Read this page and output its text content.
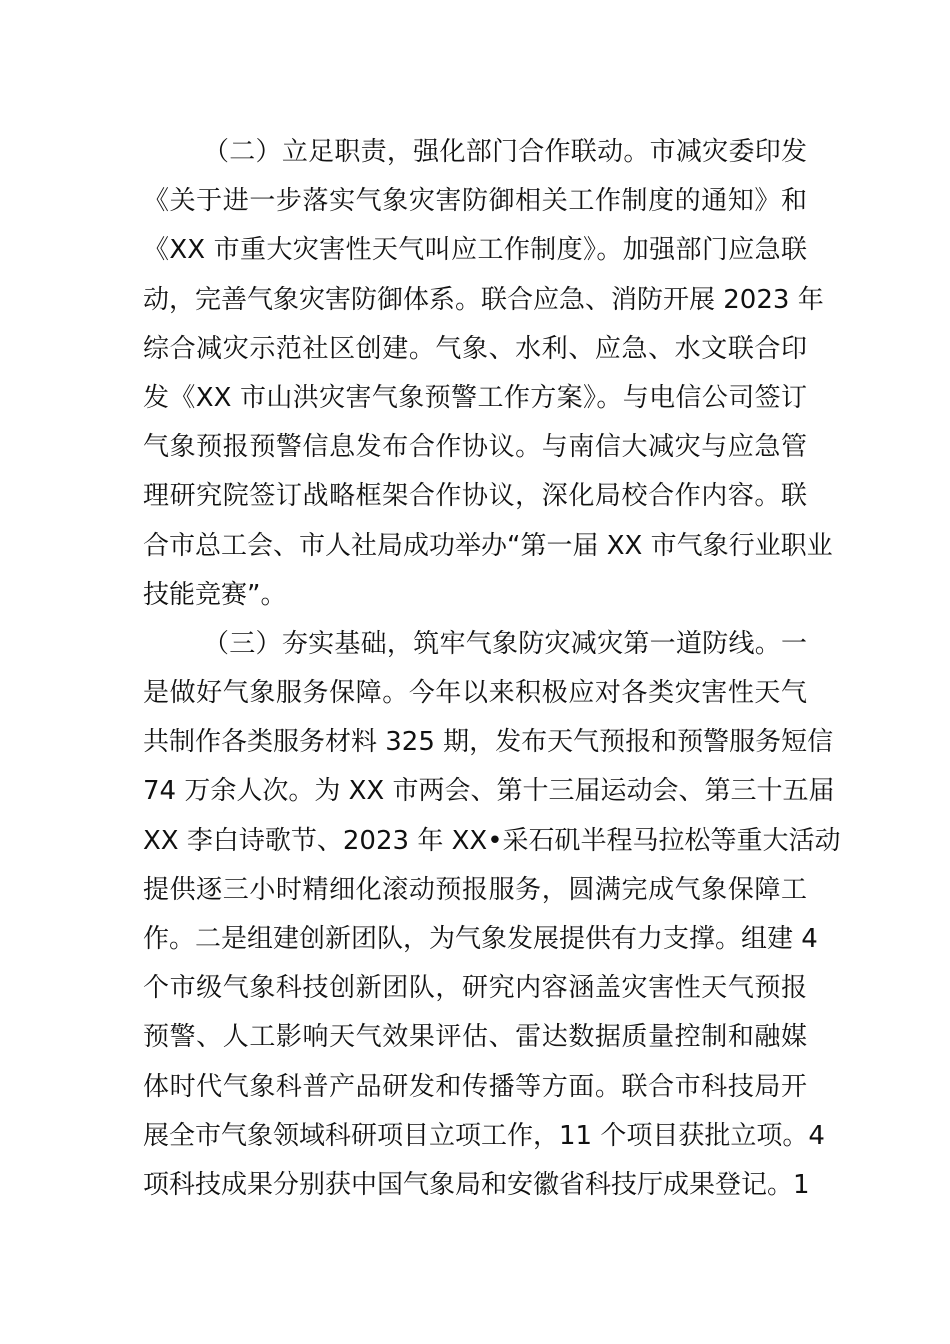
（二）立足职责，强化部门合作联动。市减灾委印发
《关于进一步落实气象灾害防御相关工作制度的通知》和
《XX 市重大灾害性天气叫应工作制度》。加强部门应急联
动，完善气象灾害防御体系。联合应急、消防开展 2023 年
综合减灾示范社区创建。气象、水利、应急、水文联合印
发《XX 市山洪灾害气象预警工作方案》。与电信公司签订
气象预报预警信息发布合作协议。与南信大减灾与应急管
理研究院签订战略框架合作协议，深化局校合作内容。联
合市总工会、市人社局成功举办“第一届 XX 市气象行业职业
技能竞赛”。
（三）夯实基础，筑牢气象防灾减灾第一道防线。一
是做好气象服务保障。今年以来积极应对各类灾害性天气
共制作各类服务材料 325 期，发布天气预报和预警服务短信
74 万余人次。为 XX 市两会、第十三届运动会、第三十五届
XX 李白诗歌节、2023 年 XX•采石矶半程马拉松等重大活动
提供逐三小时精细化滚动预报服务，圆满完成气象保障工
作。二是组建创新团队，为气象发展提供有力支撑。组建 4
个市级气象科技创新团队，研究内容涵盖灾害性天气预报
预警、人工影响天气效果评估、雷达数据质量控制和融媒
体时代气象科普产品研发和传播等方面。联合市科技局开
展全市气象领域科研项目立项工作，11 个项目获批立项。4
项科技成果分别获中国气象局和安徽省科技厅成果登记。1
